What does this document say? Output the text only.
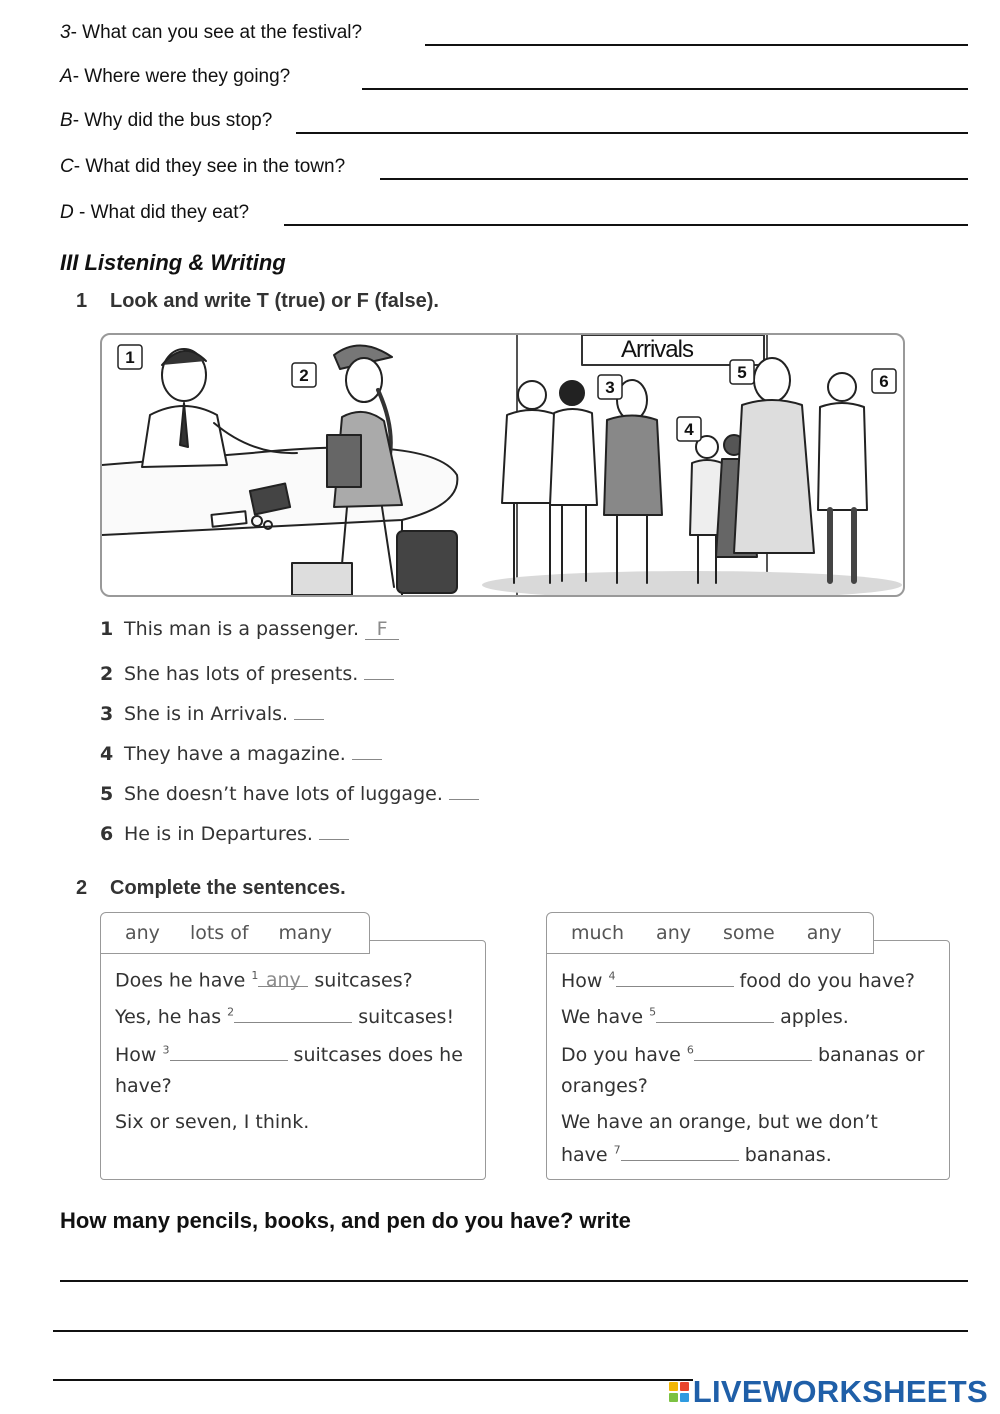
3- What can you see at the festival?
A- Where were they going?
B- Why did the bus stop?
C- What did they see in the town?
D - What did they eat?
III Listening & Writing
1 Look and write T (true) or F (false).
Arrivals
1
2
3
4
5	6
1 This man is a passenger. F
2 She has lots of presents.
3 She is in Arrivals.
4 They have a magazine.
5 She doesn’t have lots of luggage.
6 He is in Departures.
2 Complete the sentences.
any lots of many
Does he have $^1$ any suitcases?
Yes, he has $^2$	suitcases!
How $^3$	suitcases does he
have?
Six or seven, I think.
much any some any
How $^4$	food do you have?
We have $^5$	apples.
Do you have $^6$	bananas or
oranges?
We have an orange, but we don’t
have $^7$	bananas.
How many pencils, books, and pen do you have? write
LIVEWORKSHEETS
